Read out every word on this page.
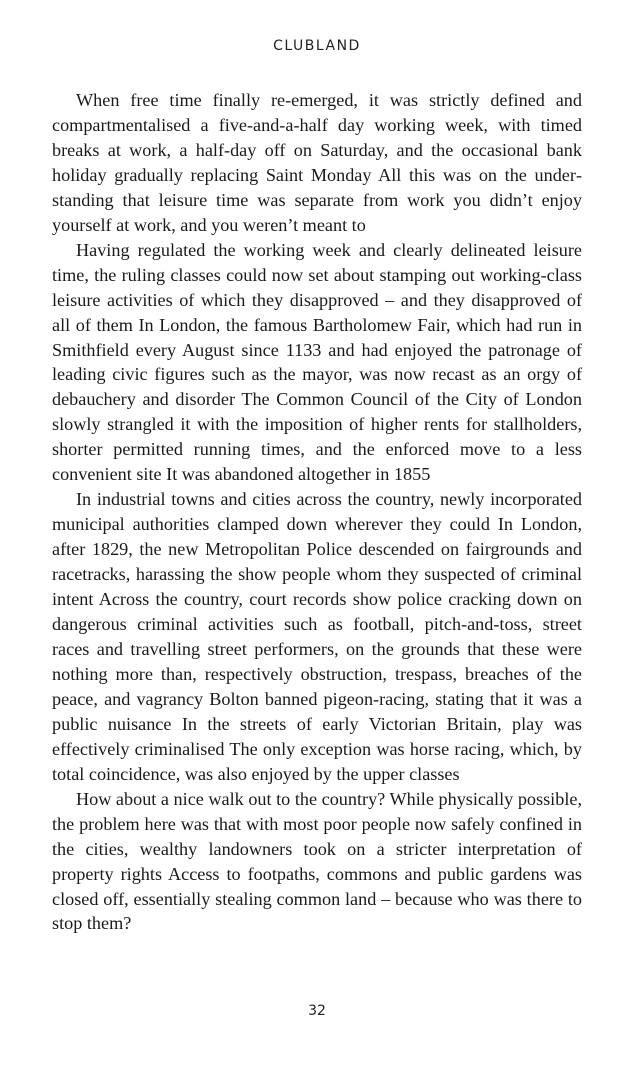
CLUBLAND

When free time finally re-emerged, it was strictly defined and compartmentalised a five-and-a-half day working week, with timed breaks at work, a half-day off on Saturday, and the occasional bank holiday gradually replacing Saint Monday All this was on the understanding that leisure time was separate from work you didn’t enjoy yourself at work, and you weren’t meant to

Having regulated the working week and clearly delineated leisure time, the ruling classes could now set about stamping out working-class leisure activities of which they disapproved – and they disapproved of all of them In London, the famous Bartholomew Fair, which had run in Smithfield every August since 1133 and had enjoyed the patronage of leading civic figures such as the mayor, was now recast as an orgy of debauchery and disorder The Common Council of the City of London slowly strangled it with the imposition of higher rents for stallholders, shorter permitted running times, and the enforced move to a less convenient site It was abandoned altogether in 1855

In industrial towns and cities across the country, newly incorporated municipal authorities clamped down wherever they could In London, after 1829, the new Metropolitan Police descended on fairgrounds and racetracks, harassing the show people whom they suspected of criminal intent Across the country, court records show police cracking down on dangerous criminal activities such as football, pitch-and-toss, street races and travelling street performers, on the grounds that these were nothing more than, respectively obstruction, trespass, breaches of the peace, and vagrancy Bolton banned pigeon-racing, stating that it was a public nuisance In the streets of early Victorian Britain, play was effectively criminalised The only exception was horse racing, which, by total coincidence, was also enjoyed by the upper classes

How about a nice walk out to the country? While physically possible, the problem here was that with most poor people now safely confined in the cities, wealthy landowners took on a stricter interpretation of property rights Access to footpaths, commons and public gardens was closed off, essentially stealing common land – because who was there to stop them?

32
